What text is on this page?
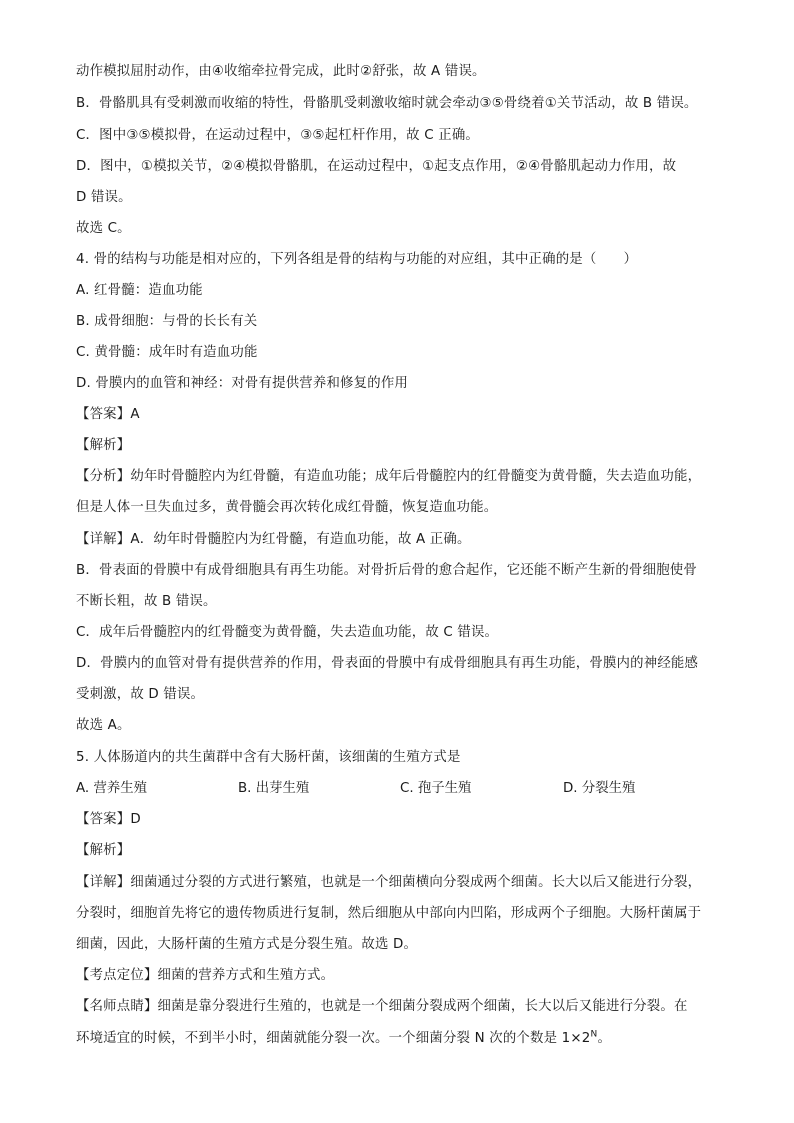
动作模拟屈肘动作，由④收缩牵拉骨完成，此时②舒张，故 A 错误。
B．骨骼肌具有受刺激而收缩的特性，骨骼肌受刺激收缩时就会牵动③⑤骨绕着①关节活动，故 B 错误。
C．图中③⑤模拟骨，在运动过程中，③⑤起杠杆作用，故 C 正确。
D．图中，①模拟关节，②④模拟骨骼肌，在运动过程中，①起支点作用，②④骨骼肌起动力作用，故
D 错误。
故选 C。
4. 骨的结构与功能是相对应的，下列各组是骨的结构与功能的对应组，其中正确的是（　　）
A. 红骨髓：造血功能
B. 成骨细胞：与骨的长长有关
C. 黄骨髓：成年时有造血功能
D. 骨膜内的血管和神经：对骨有提供营养和修复的作用
【答案】A
【解析】
【分析】幼年时骨髓腔内为红骨髓，有造血功能；成年后骨髓腔内的红骨髓变为黄骨髓，失去造血功能，
但是人体一旦失血过多，黄骨髓会再次转化成红骨髓，恢复造血功能。
【详解】A．幼年时骨髓腔内为红骨髓，有造血功能，故 A 正确。
B．骨表面的骨膜中有成骨细胞具有再生功能。对骨折后骨的愈合起作，它还能不断产生新的骨细胞使骨
不断长粗，故 B 错误。
C．成年后骨髓腔内的红骨髓变为黄骨髓，失去造血功能，故 C 错误。
D．骨膜内的血管对骨有提供营养的作用，骨表面的骨膜中有成骨细胞具有再生功能，骨膜内的神经能感
受刺激，故 D 错误。
故选 A。
5. 人体肠道内的共生菌群中含有大肠杆菌，该细菌的生殖方式是
A. 营养生殖	B. 出芽生殖	C. 孢子生殖	D. 分裂生殖
【答案】D
【解析】
【详解】细菌通过分裂的方式进行繁殖，也就是一个细菌横向分裂成两个细菌。长大以后又能进行分裂，
分裂时，细胞首先将它的遗传物质进行复制，然后细胞从中部向内凹陷，形成两个子细胞。大肠杆菌属于
细菌，因此，大肠杆菌的生殖方式是分裂生殖。故选 D。
【考点定位】细菌的营养方式和生殖方式。
【名师点睛】细菌是靠分裂进行生殖的，也就是一个细菌分裂成两个细菌，长大以后又能进行分裂。在
环境适宜的时候，不到半小时，细菌就能分裂一次。一个细菌分裂 N 次的个数是 $1\times 2^N$。
